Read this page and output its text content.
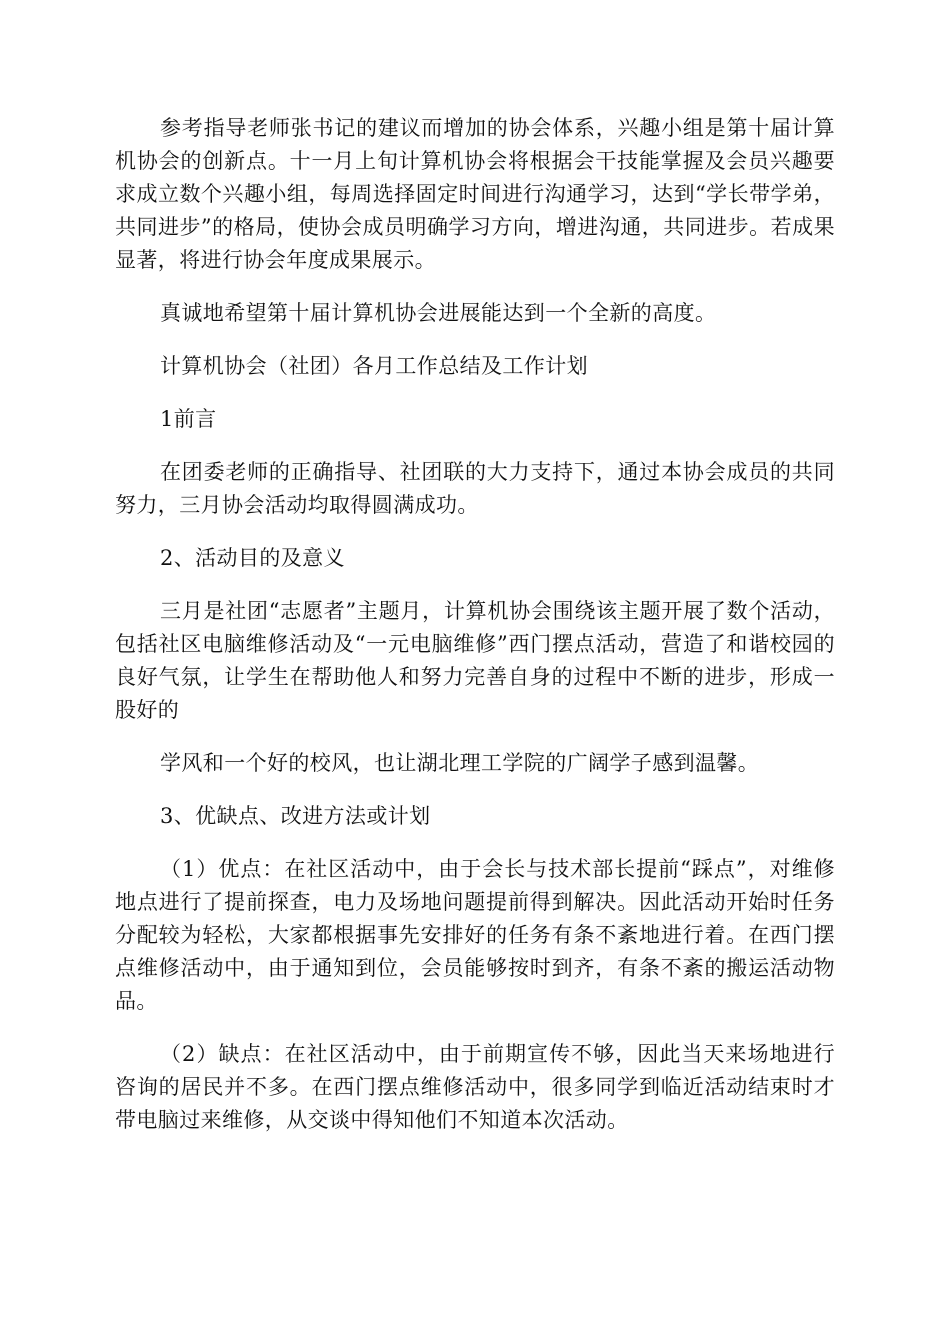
参考指导老师张书记的建议而增加的协会体系，兴趣小组是第十届计算机协会的创新点。十一月上旬计算机协会将根据会干技能掌握及会员兴趣要求成立数个兴趣小组，每周选择固定时间进行沟通学习，达到“学长带学弟，共同进步”的格局，使协会成员明确学习方向，增进沟通，共同进步。若成果显著，将进行协会年度成果展示。

真诚地希望第十届计算机协会进展能达到一个全新的高度。

计算机协会（社团）各月工作总结及工作计划

1前言

在团委老师的正确指导、社团联的大力支持下，通过本协会成员的共同努力，三月协会活动均取得圆满成功。

2、活动目的及意义

三月是社团“志愿者”主题月，计算机协会围绕该主题开展了数个活动，包括社区电脑维修活动及“一元电脑维修”西门摆点活动，营造了和谐校园的良好气氛，让学生在帮助他人和努力完善自身的过程中不断的进步，形成一股好的

学风和一个好的校风，也让湖北理工学院的广阔学子感到温馨。

3、优缺点、改进方法或计划

（1）优点：在社区活动中，由于会长与技术部长提前“踩点”，对维修地点进行了提前探查，电力及场地问题提前得到解决。因此活动开始时任务分配较为轻松，大家都根据事先安排好的任务有条不紊地进行着。在西门摆点维修活动中，由于通知到位，会员能够按时到齐，有条不紊的搬运活动物品。

（2）缺点：在社区活动中，由于前期宣传不够，因此当天来场地进行咨询的居民并不多。在西门摆点维修活动中，很多同学到临近活动结束时才带电脑过来维修，从交谈中得知他们不知道本次活动。
